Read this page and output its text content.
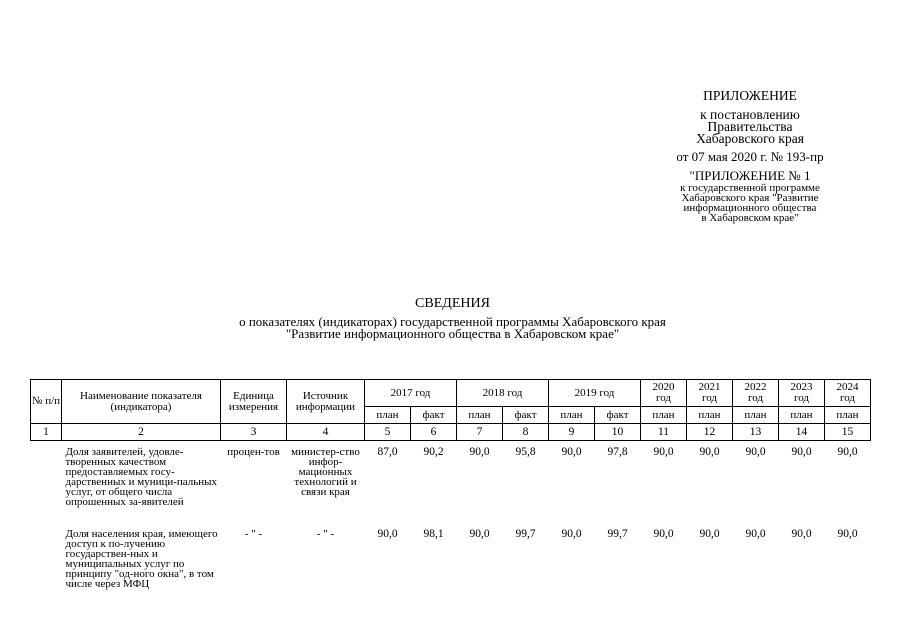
ПРИЛОЖЕНИЕ
к постановлению
Правительства
Хабаровского края
от 07 мая 2020 г. № 193-пр
"ПРИЛОЖЕНИЕ № 1
к государственной программе
Хабаровского края "Развитие
информационного общества
в Хабаровском крае"
СВЕДЕНИЯ
о показателях (индикаторах) государственной программы Хабаровского края
"Развитие информационного общества в Хабаровском крае"
№ п/п	Наименование показателя (индикатора)	Единица измерения	Источник информации	2017 год		2018 год		2019 год		2020 год	2021 год	2022 год	2023 год	2024 год
				план	факт	план	факт	план	факт	план	план	план	план	план
1	2	3	4	5	6	7	8	9	10	11	12	13	14	15
	Доля заявителей, удовле-творенных качеством предоставляемых госу-дарственных и муници-пальных услуг, от общего числа опрошенных за-явителей	процен-тов	министер-ство инфор-мационных технологий и связи края	87,0	90,2	90,0	95,8	90,0	97,8	90,0	90,0	90,0	90,0	90,0
	Доля населения края, имеющего доступ к по-лучению государствен-ных и муниципальных услуг по принципу "од-ного окна", в том числе через МФЦ	- " -	- " -	90,0	98,1	90,0	99,7	90,0	99,7	90,0	90,0	90,0	90,0	90,0
